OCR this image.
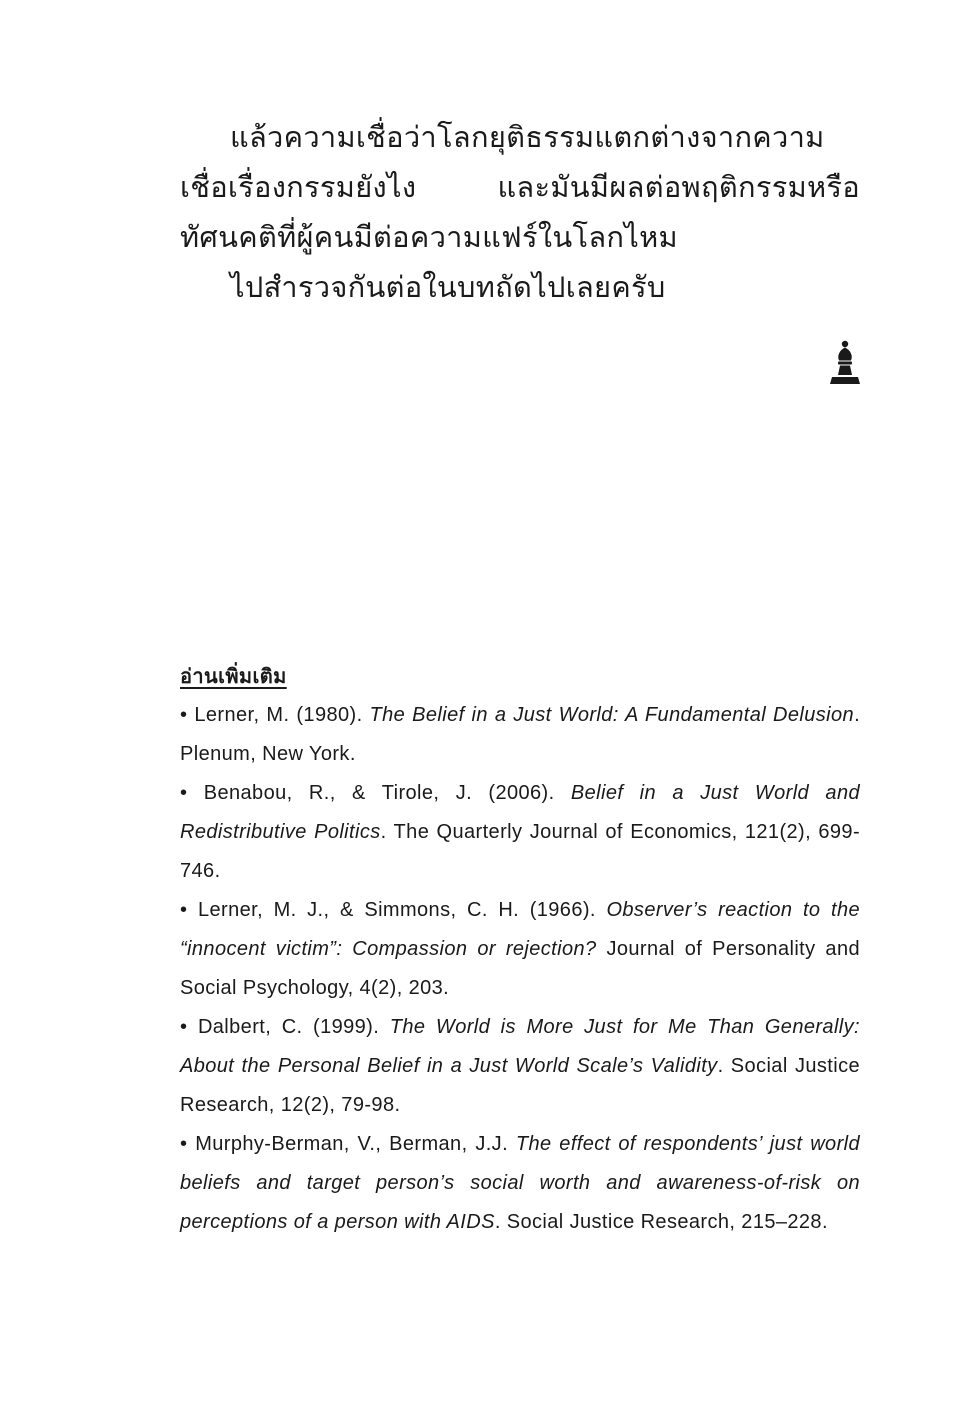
แล้วความเชื่อว่าโลกยุติธรรมแตกต่างจากความเชื่อเรื่องกรรมยังไง และมันมีผลต่อพฤติกรรมหรือทัศนคติที่ผู้คนมีต่อความแฟร์ในโลกไหม

ไปสำรวจกันต่อในบทถัดไปเลยครับ

อ่านเพิ่มเติม
• Lerner, M. (1980). The Belief in a Just World: A Fundamental Delusion. Plenum, New York.
• Benabou, R., & Tirole, J. (2006). Belief in a Just World and Redistributive Politics. The Quarterly Journal of Economics, 121(2), 699-746.
• Lerner, M. J., & Simmons, C. H. (1966). Observer’s reaction to the “innocent victim”: Compassion or rejection? Journal of Personality and Social Psychology, 4(2), 203.
• Dalbert, C. (1999). The World is More Just for Me Than Generally: About the Personal Belief in a Just World Scale’s Validity. Social Justice Research, 12(2), 79-98.
• Murphy-Berman, V., Berman, J.J. The effect of respondents’ just world beliefs and target person’s social worth and awareness-of-risk on perceptions of a person with AIDS. Social Justice Research, 215–228.
